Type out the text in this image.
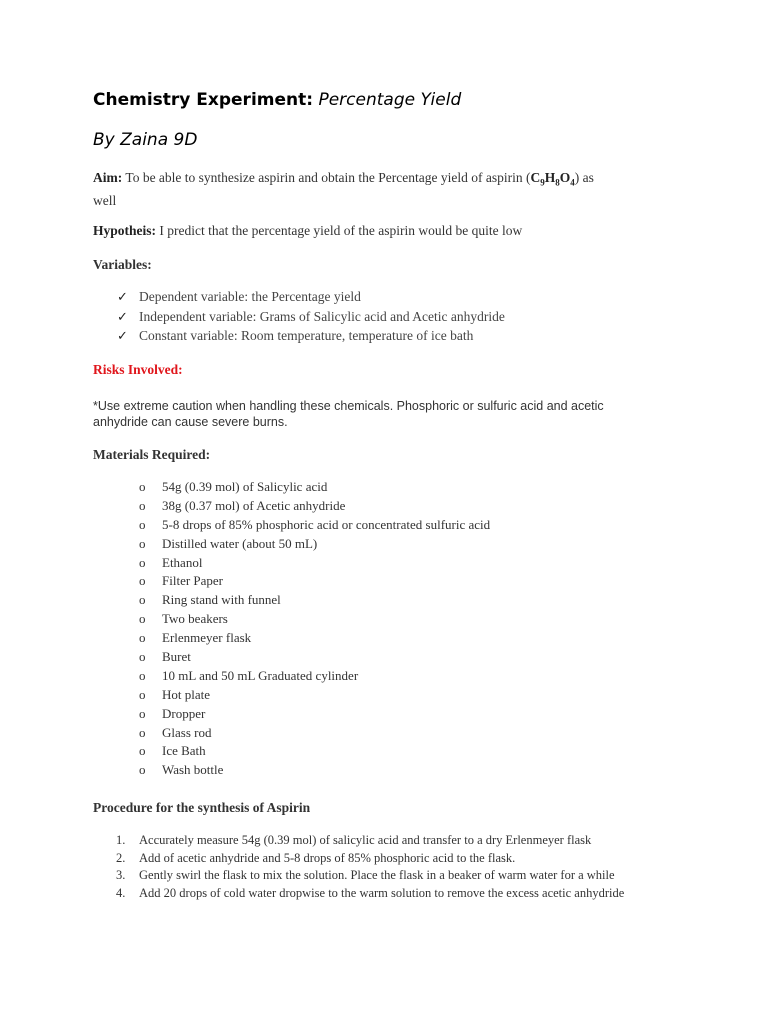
Chemistry Experiment: Percentage Yield
By Zaina 9D
Aim: To be able to synthesize aspirin and obtain the Percentage yield of aspirin $(C_9H_8O_4)$ as
well
Hypotheis: I predict that the percentage yield of the aspirin would be quite low
Variables:
✓ Dependent variable: the Percentage yield
✓ Independent variable: Grams of Salicylic acid and Acetic anhydride
✓ Constant variable: Room temperature, temperature of ice bath
Risks Involved:
*Use extreme caution when handling these chemicals. Phosphoric or sulfuric acid and acetic anhydride can cause severe burns.
Materials Required:
o 54g (0.39 mol) of Salicylic acid
o 38g (0.37 mol) of Acetic anhydride
o 5-8 drops of 85% phosphoric acid or concentrated sulfuric acid
o Distilled water (about 50 mL)
o Ethanol
o Filter Paper
o Ring stand with funnel
o Two beakers
o Erlenmeyer flask
o Buret
o 10 mL and 50 mL Graduated cylinder
o Hot plate
o Dropper
o Glass rod
o Ice Bath
o Wash bottle
Procedure for the synthesis of Aspirin
1.	Accurately measure 54g (0.39 mol) of salicylic acid and transfer to a dry Erlenmeyer flask
2.	Add of acetic anhydride and 5-8 drops of 85% phosphoric acid to the flask.
3.	Gently swirl the flask to mix the solution. Place the flask in a beaker of warm water for a while
4.	Add 20 drops of cold water dropwise to the warm solution to remove the excess acetic anhydride
